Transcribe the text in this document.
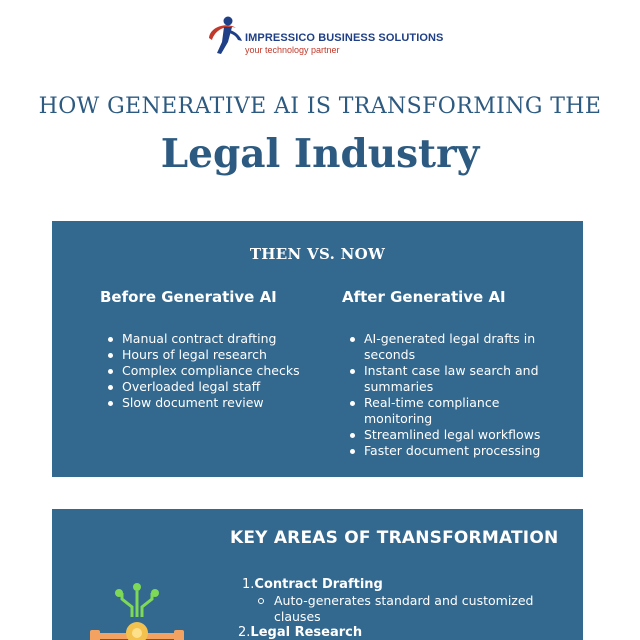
IMPRESSICO BUSINESS SOLUTIONS
your technology partner
HOW GENERATIVE AI IS TRANSFORMING THE
Legal Industry
THEN VS. NOW
Before Generative AI	After Generative AI
Manual contract drafting
Hours of legal research
Complex compliance checks
Overloaded legal staff
Slow document review
AI-generated legal drafts in seconds
Instant case law search and summaries
Real-time compliance monitoring
Streamlined legal workflows
Faster document processing
KEY AREAS OF TRANSFORMATION
1.Contract Drafting
Auto-generates standard and customized clauses
2.Legal Research
